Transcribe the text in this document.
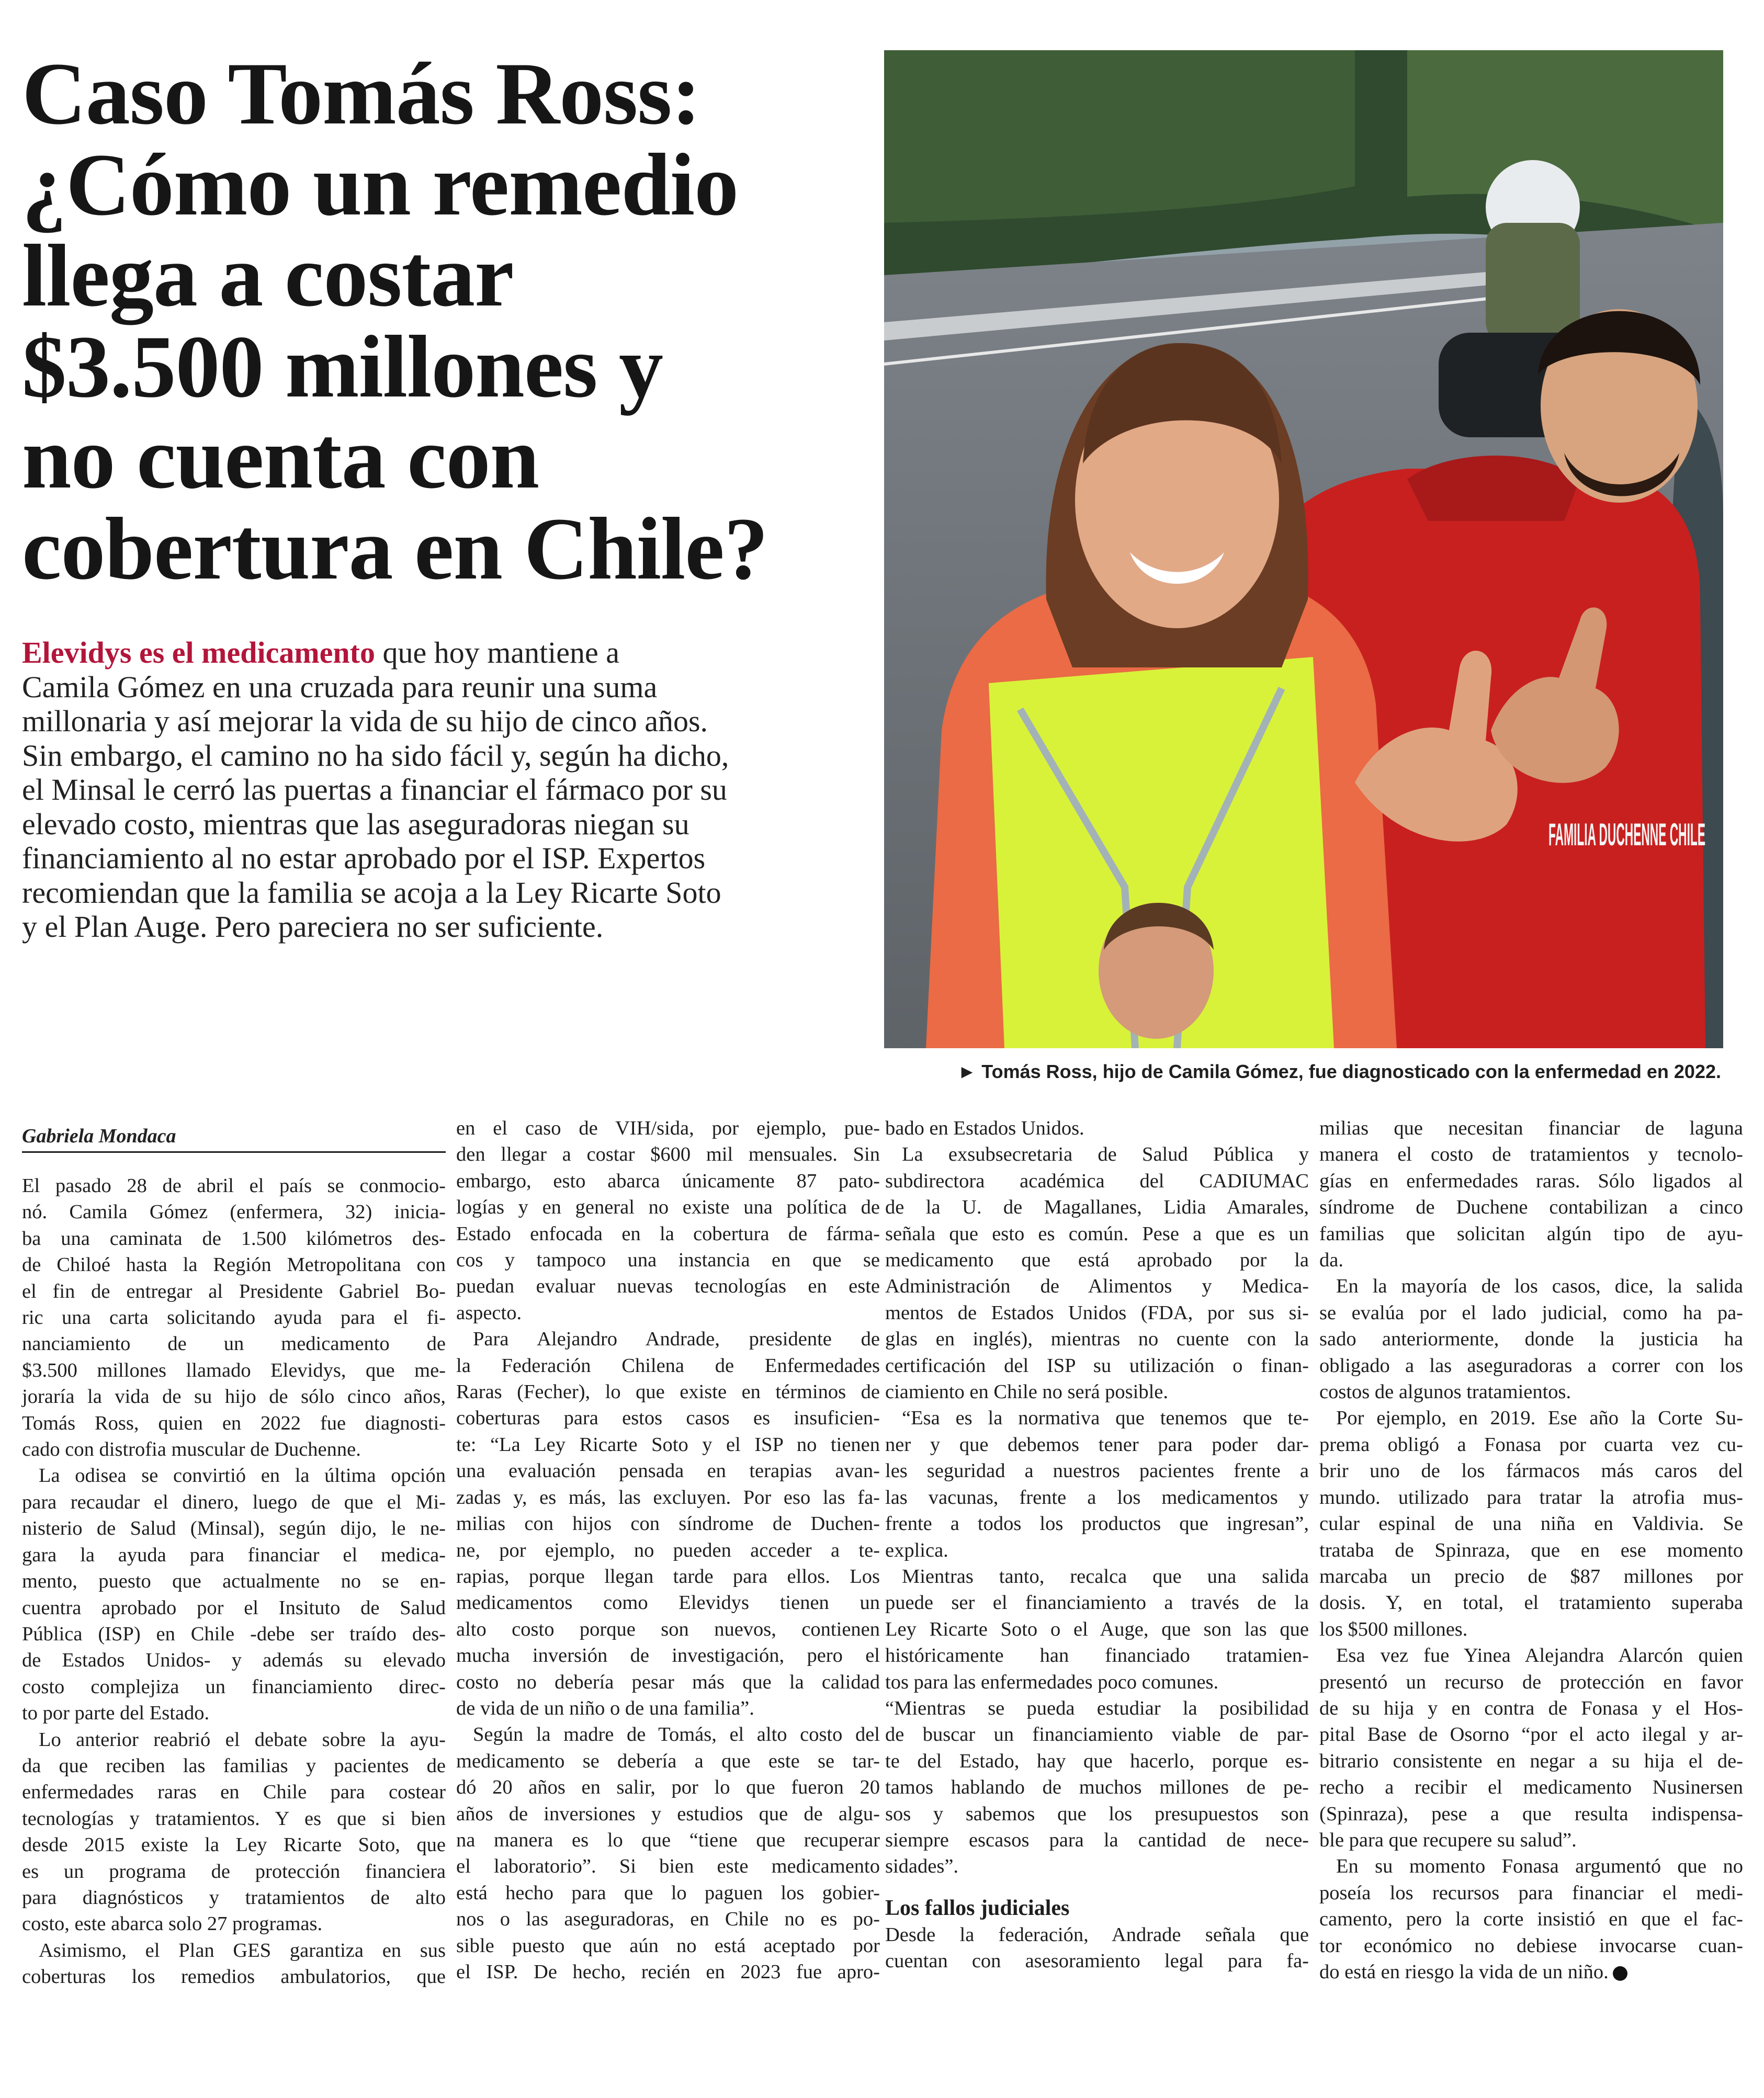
Caso Tomás Ross:
¿Cómo un remedio
llega a costar
$3.500 millones y
no cuenta con
cobertura en Chile?
Elevidys es el medicamento que hoy mantiene a
Camila Gómez en una cruzada para reunir una suma
millonaria y así mejorar la vida de su hijo de cinco años.
Sin embargo, el camino no ha sido fácil y, según ha dicho,
el Minsal le cerró las puertas a financiar el fármaco por su
elevado costo, mientras que las aseguradoras niegan su
financiamiento al no estar aprobado por el ISP. Expertos
recomiendan que la familia se acoja a la Ley Ricarte Soto
y el Plan Auge. Pero pareciera no ser suficiente.
FAMILIA DUCHENNE CHILE
► Tomás Ross, hijo de Camila Gómez, fue diagnosticado con la enfermedad en 2022.
Gabriela Mondaca
El pasado 28 de abril el país se conmocio-
nó. Camila Gómez (enfermera, 32) inicia-
ba una caminata de 1.500 kilómetros des-
de Chiloé hasta la Región Metropolitana con
el fin de entregar al Presidente Gabriel Bo-
ric una carta solicitando ayuda para el fi-
nanciamiento de un medicamento de
$3.500 millones llamado Elevidys, que me-
joraría la vida de su hijo de sólo cinco años,
Tomás Ross, quien en 2022 fue diagnosti-
cado con distrofia muscular de Duchenne.
La odisea se convirtió en la última opción
para recaudar el dinero, luego de que el Mi-
nisterio de Salud (Minsal), según dijo, le ne-
gara la ayuda para financiar el medica-
mento, puesto que actualmente no se en-
cuentra aprobado por el Insituto de Salud
Pública (ISP) en Chile -debe ser traído des-
de Estados Unidos- y además su elevado
costo complejiza un financiamiento direc-
to por parte del Estado.
Lo anterior reabrió el debate sobre la ayu-
da que reciben las familias y pacientes de
enfermedades raras en Chile para costear
tecnologías y tratamientos. Y es que si bien
desde 2015 existe la Ley Ricarte Soto, que
es un programa de protección financiera
para diagnósticos y tratamientos de alto
costo, este abarca solo 27 programas.
Asimismo, el Plan GES garantiza en sus
coberturas los remedios ambulatorios, que
en el caso de VIH/sida, por ejemplo, pue-
den llegar a costar $600 mil mensuales. Sin
embargo, esto abarca únicamente 87 pato-
logías y en general no existe una política de
Estado enfocada en la cobertura de fárma-
cos y tampoco una instancia en que se
puedan evaluar nuevas tecnologías en este
aspecto.
Para Alejandro Andrade, presidente de
la Federación Chilena de Enfermedades
Raras (Fecher), lo que existe en términos de
coberturas para estos casos es insuficien-
te: “La Ley Ricarte Soto y el ISP no tienen
una evaluación pensada en terapias avan-
zadas y, es más, las excluyen. Por eso las fa-
milias con hijos con síndrome de Duchen-
ne, por ejemplo, no pueden acceder a te-
rapias, porque llegan tarde para ellos. Los
medicamentos como Elevidys tienen un
alto costo porque son nuevos, contienen
mucha inversión de investigación, pero el
costo no debería pesar más que la calidad
de vida de un niño o de una familia”.
Según la madre de Tomás, el alto costo del
medicamento se debería a que este se tar-
dó 20 años en salir, por lo que fueron 20
años de inversiones y estudios que de algu-
na manera es lo que “tiene que recuperar
el laboratorio”. Si bien este medicamento
está hecho para que lo paguen los gobier-
nos o las aseguradoras, en Chile no es po-
sible puesto que aún no está aceptado por
el ISP. De hecho, recién en 2023 fue apro-
bado en Estados Unidos.
La exsubsecretaria de Salud Pública y
subdirectora académica del CADIUMAC
de la U. de Magallanes, Lidia Amarales,
señala que esto es común. Pese a que es un
medicamento que está aprobado por la
Administración de Alimentos y Medica-
mentos de Estados Unidos (FDA, por sus si-
glas en inglés), mientras no cuente con la
certificación del ISP su utilización o finan-
ciamiento en Chile no será posible.
“Esa es la normativa que tenemos que te-
ner y que debemos tener para poder dar-
les seguridad a nuestros pacientes frente a
las vacunas, frente a los medicamentos y
frente a todos los productos que ingresan”,
explica.
Mientras tanto, recalca que una salida
puede ser el financiamiento a través de la
Ley Ricarte Soto o el Auge, que son las que
históricamente han financiado tratamien-
tos para las enfermedades poco comunes.
“Mientras se pueda estudiar la posibilidad
de buscar un financiamiento viable de par-
te del Estado, hay que hacerlo, porque es-
tamos hablando de muchos millones de pe-
sos y sabemos que los presupuestos son
siempre escasos para la cantidad de nece-
sidades”.
Los fallos judiciales
Desde la federación, Andrade señala que
cuentan con asesoramiento legal para fa-
milias que necesitan financiar de laguna
manera el costo de tratamientos y tecnolo-
gías en enfermedades raras. Sólo ligados al
síndrome de Duchene contabilizan a cinco
familias que solicitan algún tipo de ayu-
da.
En la mayoría de los casos, dice, la salida
se evalúa por el lado judicial, como ha pa-
sado anteriormente, donde la justicia ha
obligado a las aseguradoras a correr con los
costos de algunos tratamientos.
Por ejemplo, en 2019. Ese año la Corte Su-
prema obligó a Fonasa por cuarta vez cu-
brir uno de los fármacos más caros del
mundo. utilizado para tratar la atrofia mus-
cular espinal de una niña en Valdivia. Se
trataba de Spinraza, que en ese momento
marcaba un precio de $87 millones por
dosis. Y, en total, el tratamiento superaba
los $500 millones.
Esa vez fue Yinea Alejandra Alarcón quien
presentó un recurso de protección en favor
de su hija y en contra de Fonasa y el Hos-
pital Base de Osorno “por el acto ilegal y ar-
bitrario consistente en negar a su hija el de-
recho a recibir el medicamento Nusinersen
(Spinraza), pese a que resulta indispensa-
ble para que recupere su salud”.
En su momento Fonasa argumentó que no
poseía los recursos para financiar el medi-
camento, pero la corte insistió en que el fac-
tor económico no debiese invocarse cuan-
do está en riesgo la vida de un niño.
